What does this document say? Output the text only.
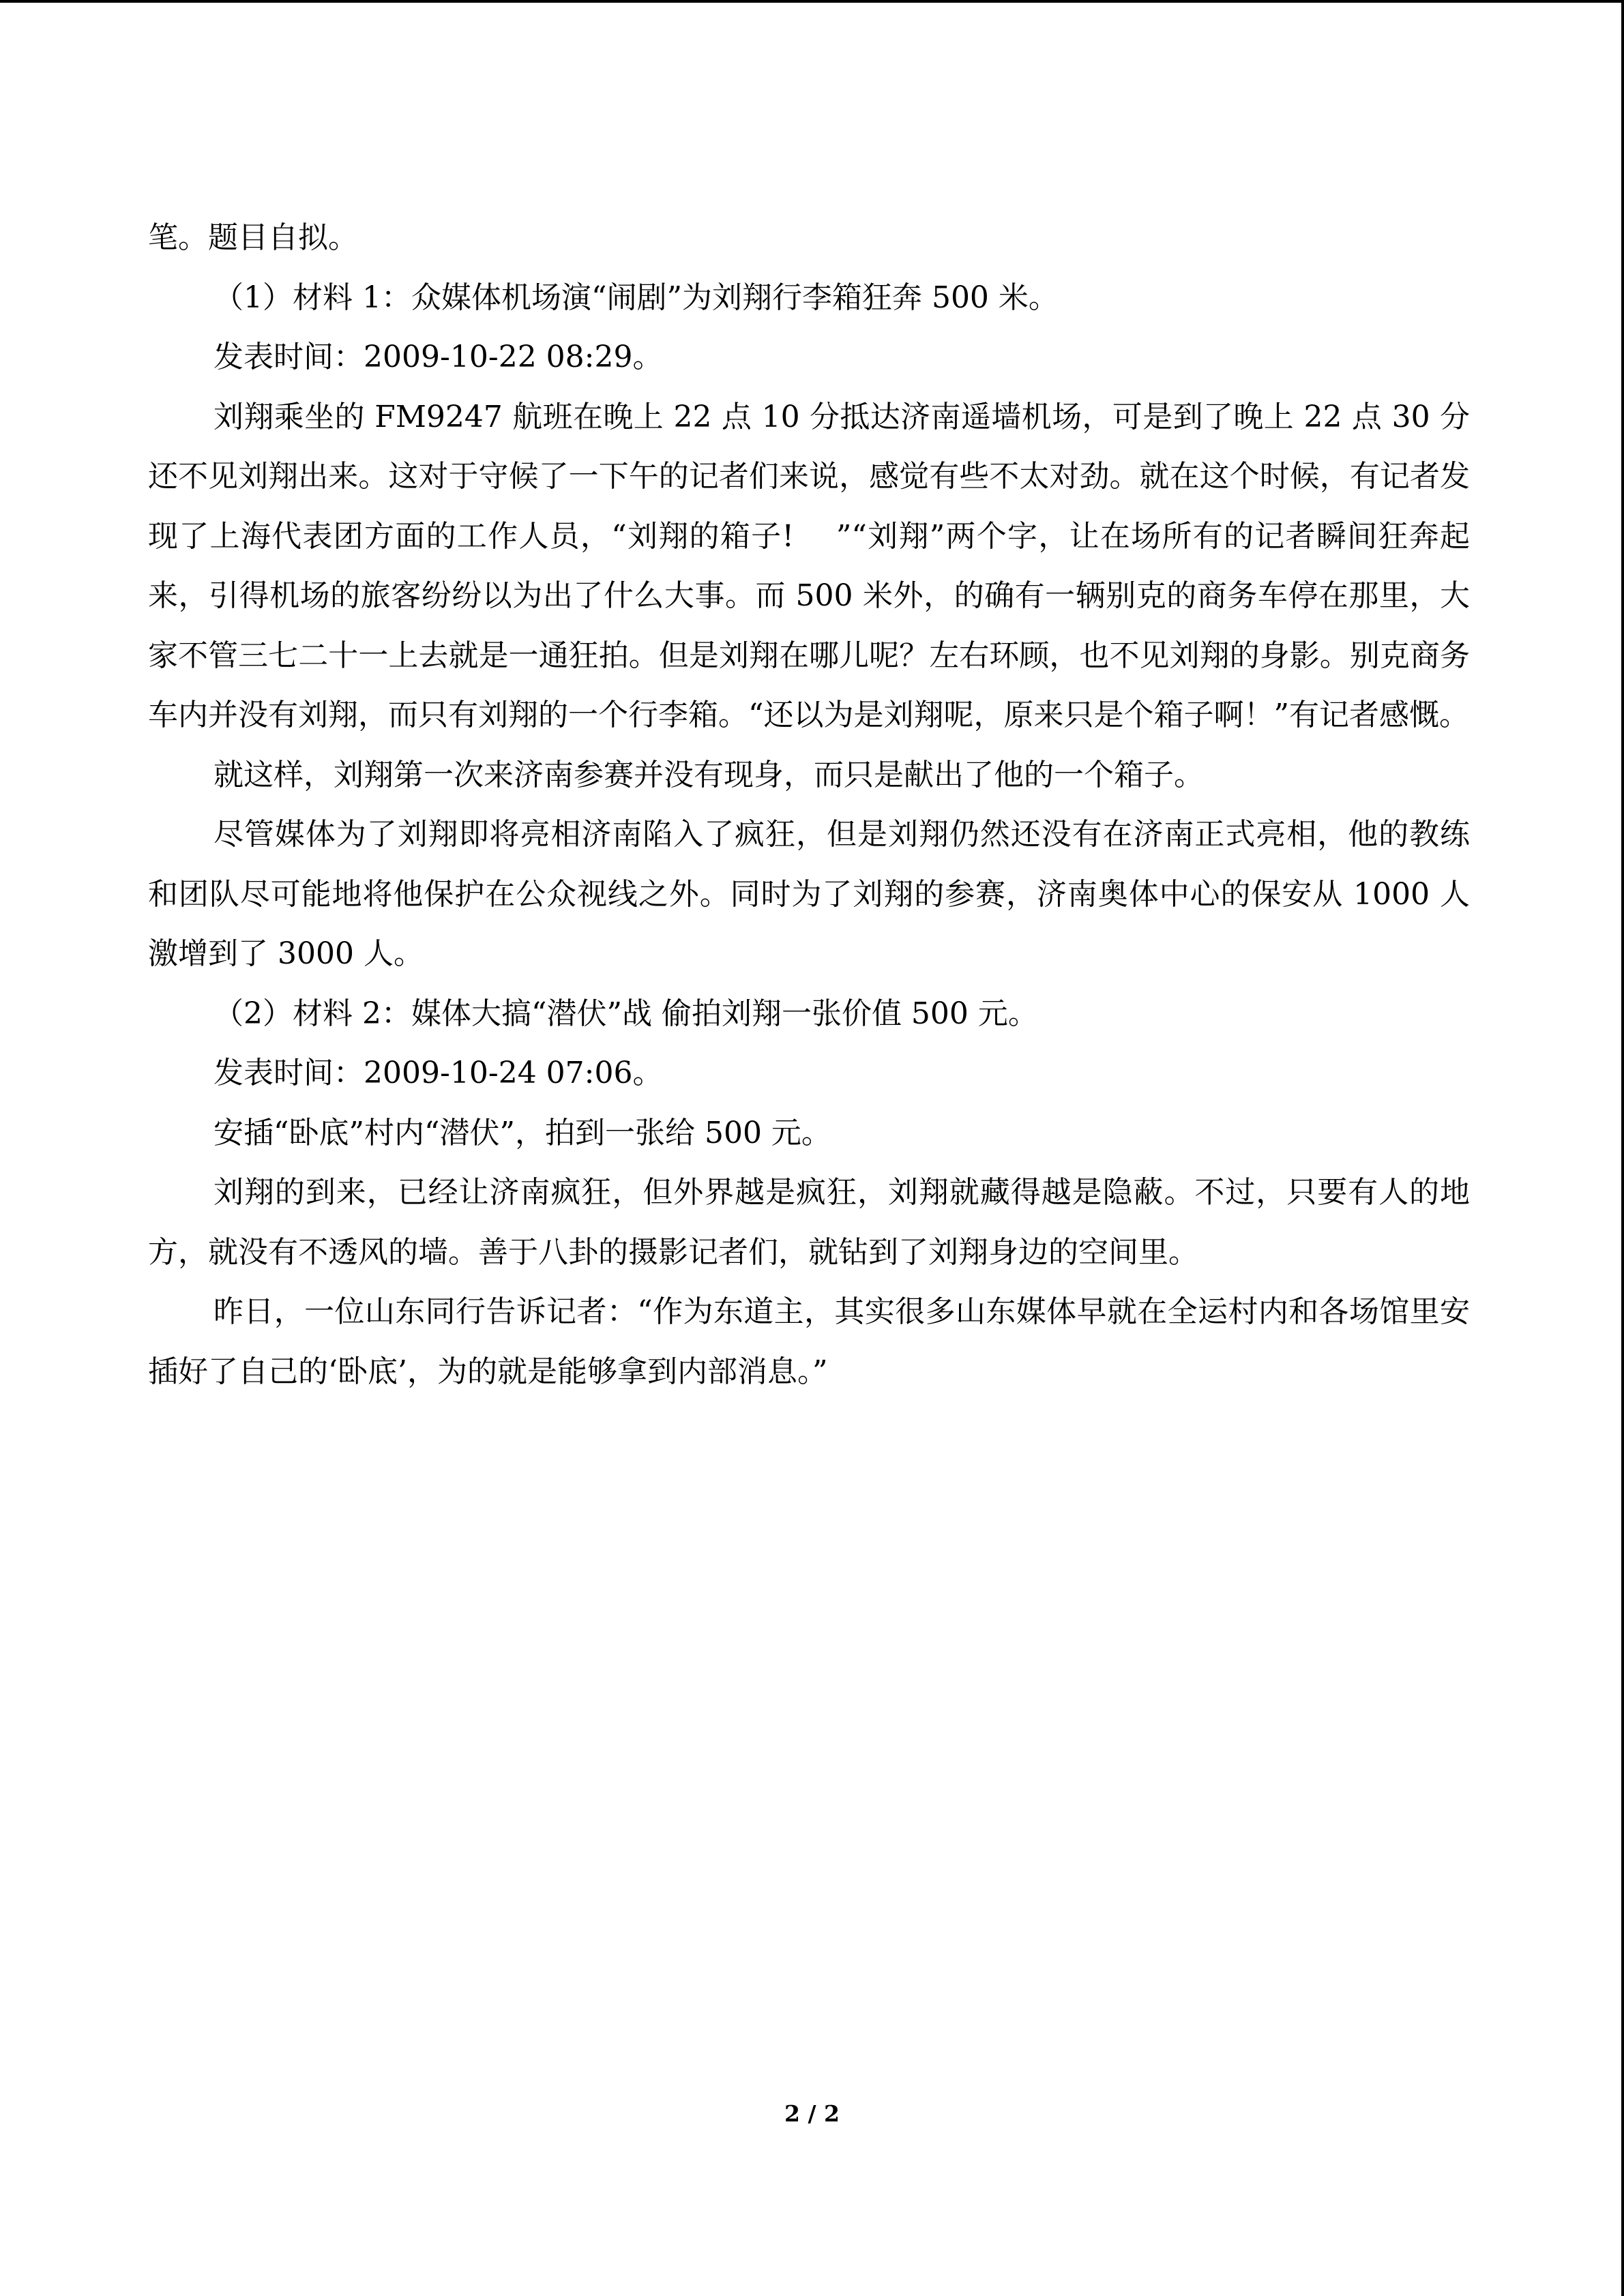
笔。题目自拟。

（1）材料 1：众媒体机场演“闹剧”为刘翔行李箱狂奔 500 米。

发表时间：2009-10-22 08:29。

刘翔乘坐的 FM9247 航班在晚上 22 点 10 分抵达济南遥墙机场，可是到了晚上 22 点 30 分还不见刘翔出来。这对于守候了一下午的记者们来说，感觉有些不太对劲。就在这个时候，有记者发现了上海代表团方面的工作人员，“刘翔的箱子!　 ”“刘翔”两个字，让在场所有的记者瞬间狂奔起来，引得机场的旅客纷纷以为出了什么大事。而 500 米外，的确有一辆别克的商务车停在那里，大家不管三七二十一上去就是一通狂拍。但是刘翔在哪儿呢？左右环顾，也不见刘翔的身影。别克商务车内并没有刘翔，而只有刘翔的一个行李箱。“还以为是刘翔呢，原来只是个箱子啊！”有记者感慨。

就这样，刘翔第一次来济南参赛并没有现身，而只是献出了他的一个箱子。

尽管媒体为了刘翔即将亮相济南陷入了疯狂，但是刘翔仍然还没有在济南正式亮相，他的教练和团队尽可能地将他保护在公众视线之外。同时为了刘翔的参赛，济南奥体中心的保安从 1000 人激增到了 3000 人。

（2）材料 2：媒体大搞“潜伏”战 偷拍刘翔一张价值 500 元。

发表时间：2009-10-24 07:06。

安插“卧底”村内“潜伏”，拍到一张给 500 元。

刘翔的到来，已经让济南疯狂，但外界越是疯狂，刘翔就藏得越是隐蔽。不过，只要有人的地方，就没有不透风的墙。善于八卦的摄影记者们，就钻到了刘翔身边的空间里。

昨日，一位山东同行告诉记者：“作为东道主，其实很多山东媒体早就在全运村内和各场馆里安插好了自己的‘卧底’，为的就是能够拿到内部消息。”

2 / 2
